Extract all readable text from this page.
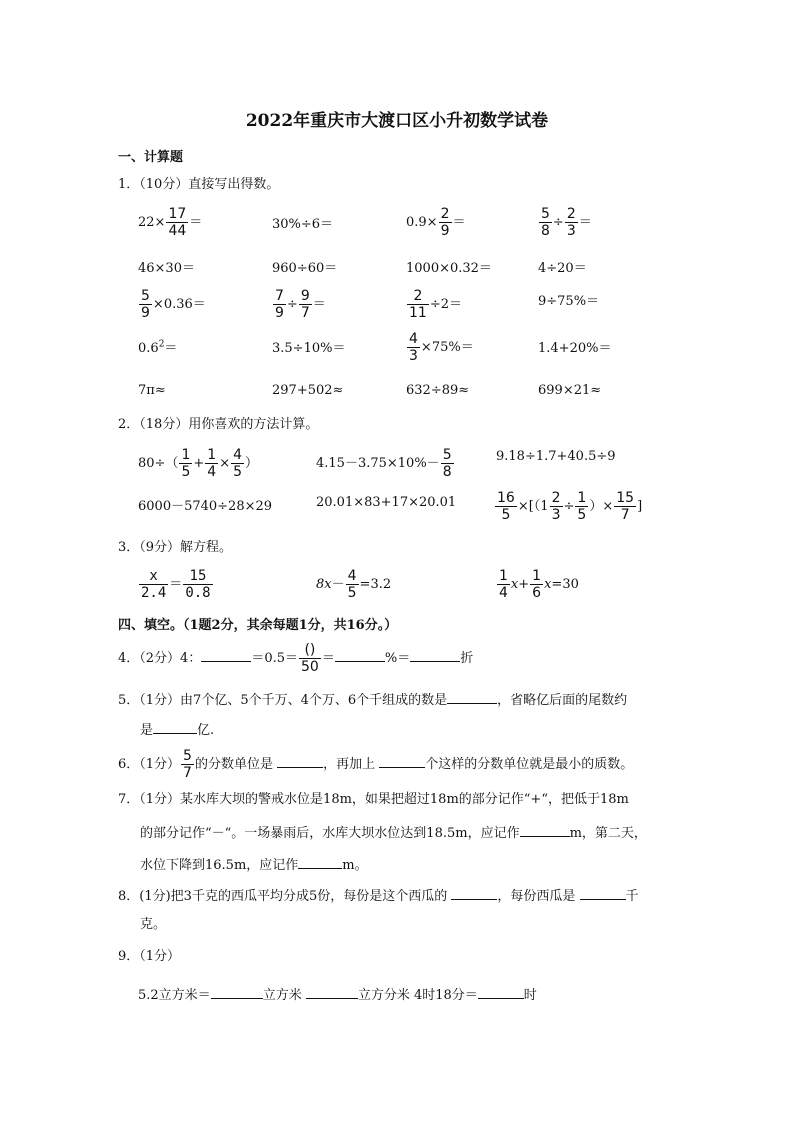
2022年重庆市大渡口区小升初数学试卷
一、计算题
1．（10分）直接写出得数。
$22\times \frac{17}{44}$ ＝	30%÷6＝	$0.9\times \frac{2}{9}$ ＝	$\frac{5}{8} \div \frac{2}{3}$ ＝
46×30＝	960÷60＝	1000×0.32＝	4÷20＝
$\frac{5}{9} \times 0.36=$	$\frac{7}{9} \div \frac{9}{7}$ ＝	$\frac{2}{11} \div 2=$	9÷75%＝
$0.6^2=$	3.5÷10%＝	$\frac{4}{3} \times 75\%=$	1.4+20%＝
7π≈	297+502≈	632÷89≈	699×21≈
2．（18分）用你喜欢的方法计算。
$80\div( \frac{1}{5} + \frac{1}{4} \times \frac{4}{5}$ ）	$4.15-3.75\times 10\%- \frac{5}{8}$	9.18÷1.7+40.5÷9
6000－5740÷28×29	20.01×83+17×20.01	$\frac{16}{5} \times[(1 \frac{2}{3} \div \frac{1}{5}$ ）× $\frac{15}{7}$ ]
3．（9分）解方程。
$\frac{x}{2.4} = \frac{15}{0.8}$	$8x- \frac{4}{5} =3.2$	$\frac{1}{4} x+ \frac{1}{6} x=30$
四、填空。（1题2分，其余每题1分，共16分。）
4．（2分）4：	$=0.5= \frac{()}{50}$ ＝	%＝	折
5．（1分）由7个亿、5个千万、4个万、6个千组成的数是	，省略亿后面的尾数约
是	亿.
6．（1分） $\frac{5}{7}$ 的分数单位是	，再加上	个这样的分数单位就是最小的质数。
7．（1分）某水库大坝的警戒水位是18m，如果把超过18m的部分记作“+“，把低于18m
的部分记作“－“。一场暴雨后，水库大坝水位达到18.5m，应记作	m，第二天，
水位下降到16.5m，应记作	m。
8．(1分)把3千克的西瓜平均分成5份，每份是这个西瓜的	，每份西瓜是	千
克。
9．（1分）
5.2立方米＝	立方米	立方分米 4时18分＝	时
